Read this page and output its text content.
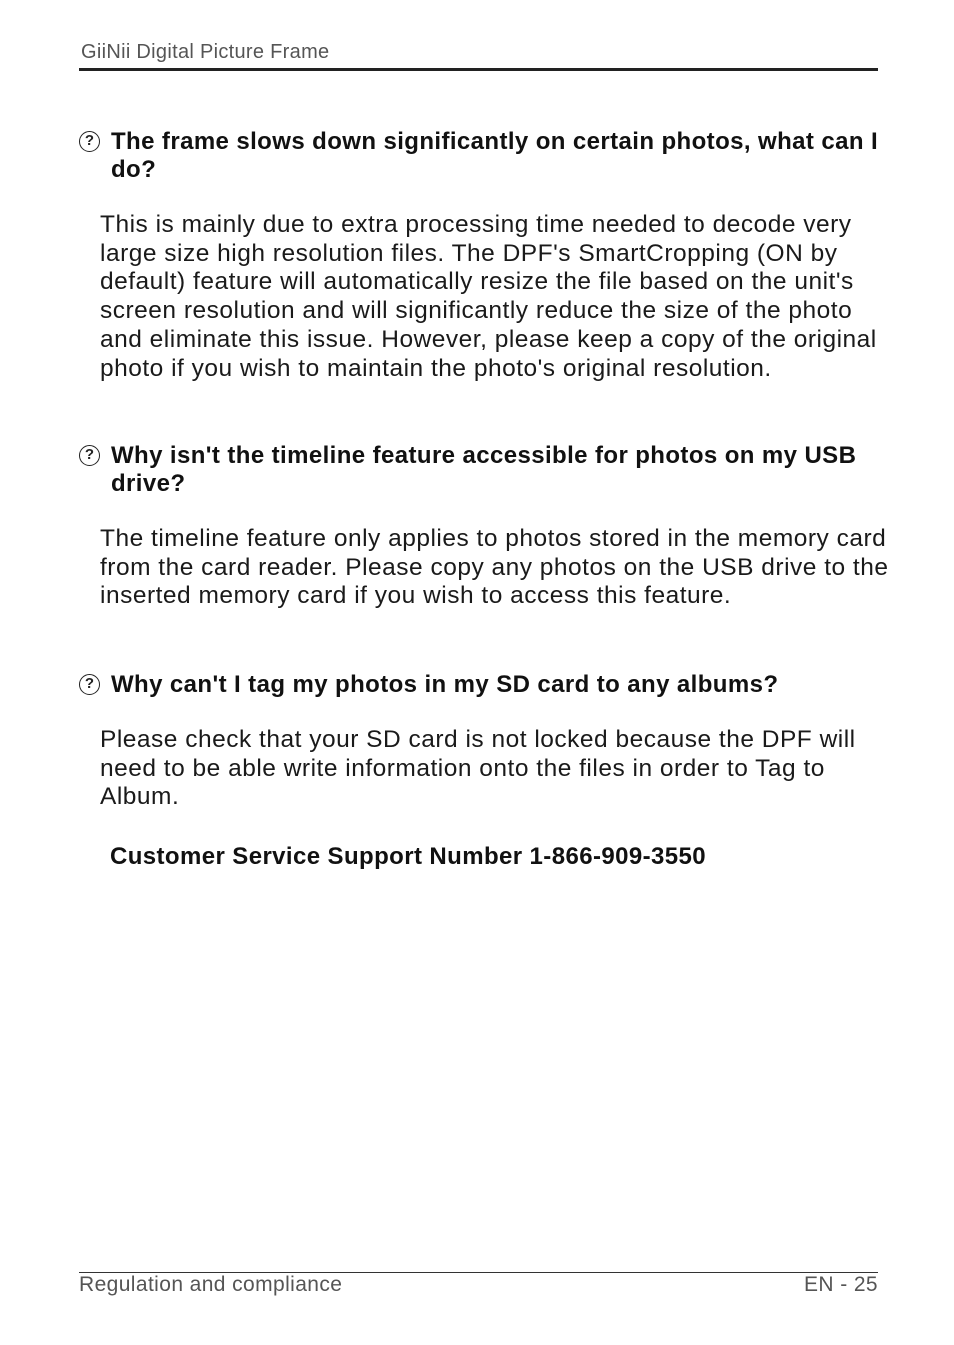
GiiNii Digital Picture Frame
? The frame slows down significantly on certain photos, what can I do?
This is mainly due to extra processing time needed to decode very large size high resolution files. The DPF's SmartCropping (ON by default) feature will automatically resize the file based on the unit's screen resolution and will significantly reduce the size of the photo and eliminate this issue. However, please keep a copy of the original photo if you wish to maintain the photo's original resolution.
? Why isn't the timeline feature accessible for photos on my USB drive?
The timeline feature only applies to photos stored in the memory card from the card reader. Please copy any photos on the USB drive to the inserted memory card if you wish to access this feature.
? Why can't I tag my photos in my SD card to any albums?
Please check that your SD card is not locked because the DPF will need to be able write information onto the files in order to Tag to Album.
Customer Service Support Number 1-866-909-3550
Regulation and compliance	EN - 25
